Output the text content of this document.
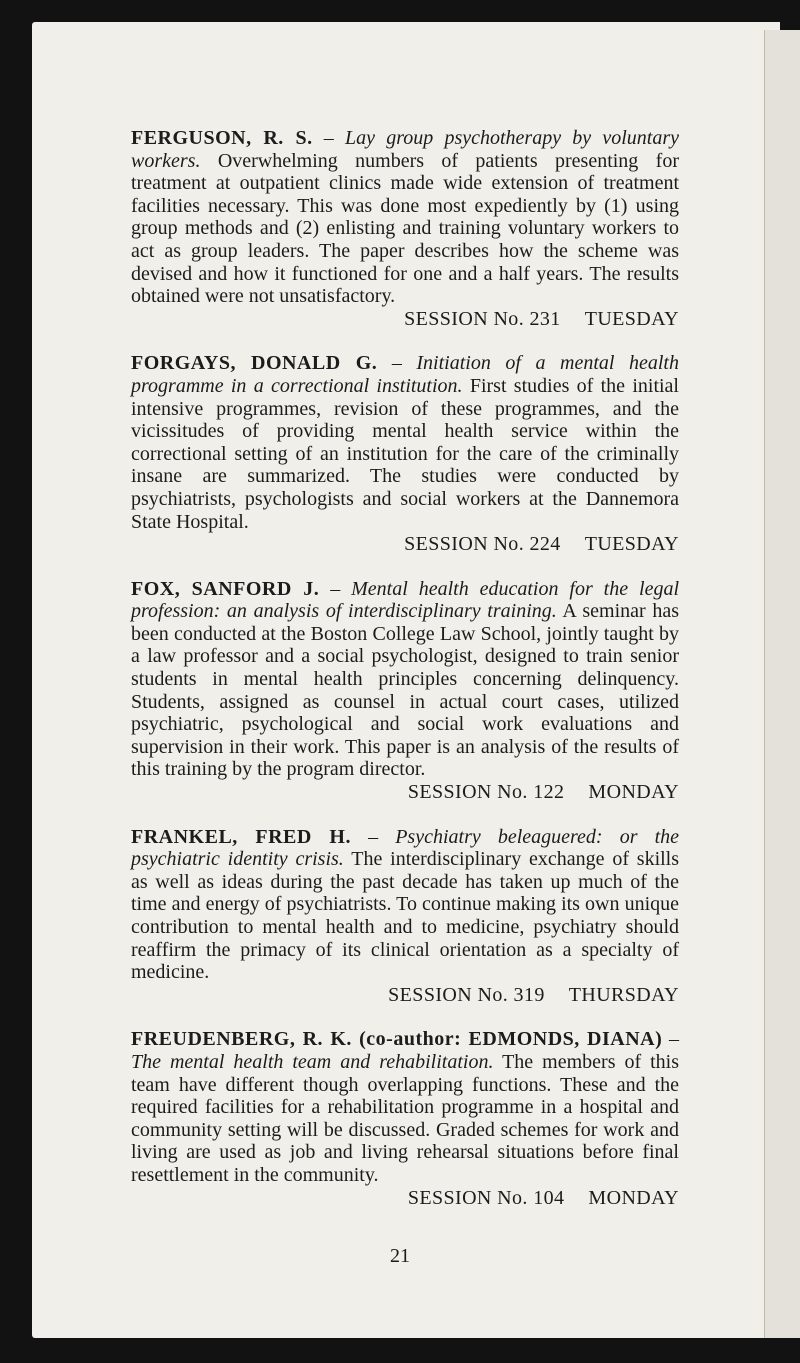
FERGUSON, R. S. – Lay group psychotherapy by voluntary workers. Overwhelming numbers of patients presenting for treatment at outpatient clinics made wide extension of treatment facilities necessary. This was done most expediently by (1) using group methods and (2) enlisting and training voluntary workers to act as group leaders. The paper describes how the scheme was devised and how it functioned for one and a half years. The results obtained were not unsatisfactory.

SESSION No. 231 TUESDAY

FORGAYS, DONALD G. – Initiation of a mental health programme in a correctional institution. First studies of the initial intensive programmes, revision of these programmes, and the vicissitudes of providing mental health service within the correctional setting of an institution for the care of the criminally insane are summarized. The studies were conducted by psychiatrists, psychologists and social workers at the Dannemora State Hospital.

SESSION No. 224 TUESDAY

FOX, SANFORD J. – Mental health education for the legal profession: an analysis of interdisciplinary training. A seminar has been conducted at the Boston College Law School, jointly taught by a law professor and a social psychologist, designed to train senior students in mental health principles concerning delinquency. Students, assigned as counsel in actual court cases, utilized psychiatric, psychological and social work evaluations and supervision in their work. This paper is an analysis of the results of this training by the program director.

SESSION No. 122 MONDAY

FRANKEL, FRED H. – Psychiatry beleaguered: or the psychiatric identity crisis. The interdisciplinary exchange of skills as well as ideas during the past decade has taken up much of the time and energy of psychiatrists. To continue making its own unique contribution to mental health and to medicine, psychiatry should reaffirm the primacy of its clinical orientation as a specialty of medicine.

SESSION No. 319 THURSDAY

FREUDENBERG, R. K. (co-author: EDMONDS, DIANA) – The mental health team and rehabilitation. The members of this team have different though overlapping functions. These and the required facilities for a rehabilitation programme in a hospital and community setting will be discussed. Graded schemes for work and living are used as job and living rehearsal situations before final resettlement in the community.

SESSION No. 104 MONDAY

21
